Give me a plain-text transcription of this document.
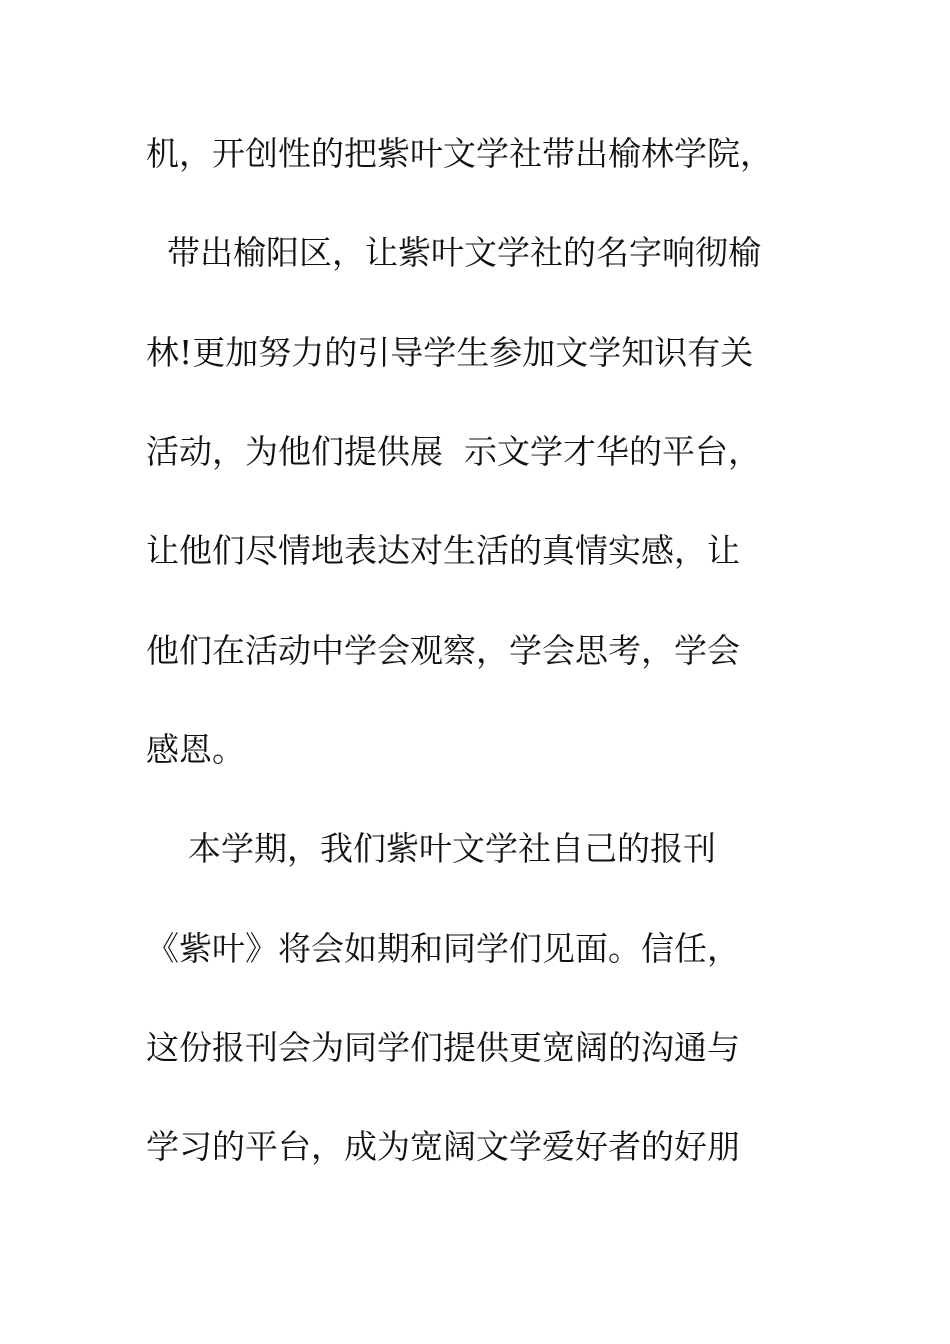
机，开创性的把紫叶文学社带出榆林学院，
带出榆阳区，让紫叶文学社的名字响彻榆
林!更加努力的引导学生参加文学知识有关
活动，为他们提供展  示文学才华的平台，
让他们尽情地表达对生活的真情实感，让
他们在活动中学会观察，学会思考，学会
感恩。
本学期，我们紫叶文学社自己的报刊
《紫叶》将会如期和同学们见面。信任，
这份报刊会为同学们提供更宽阔的沟通与
学习的平台，成为宽阔文学爱好者的好朋
